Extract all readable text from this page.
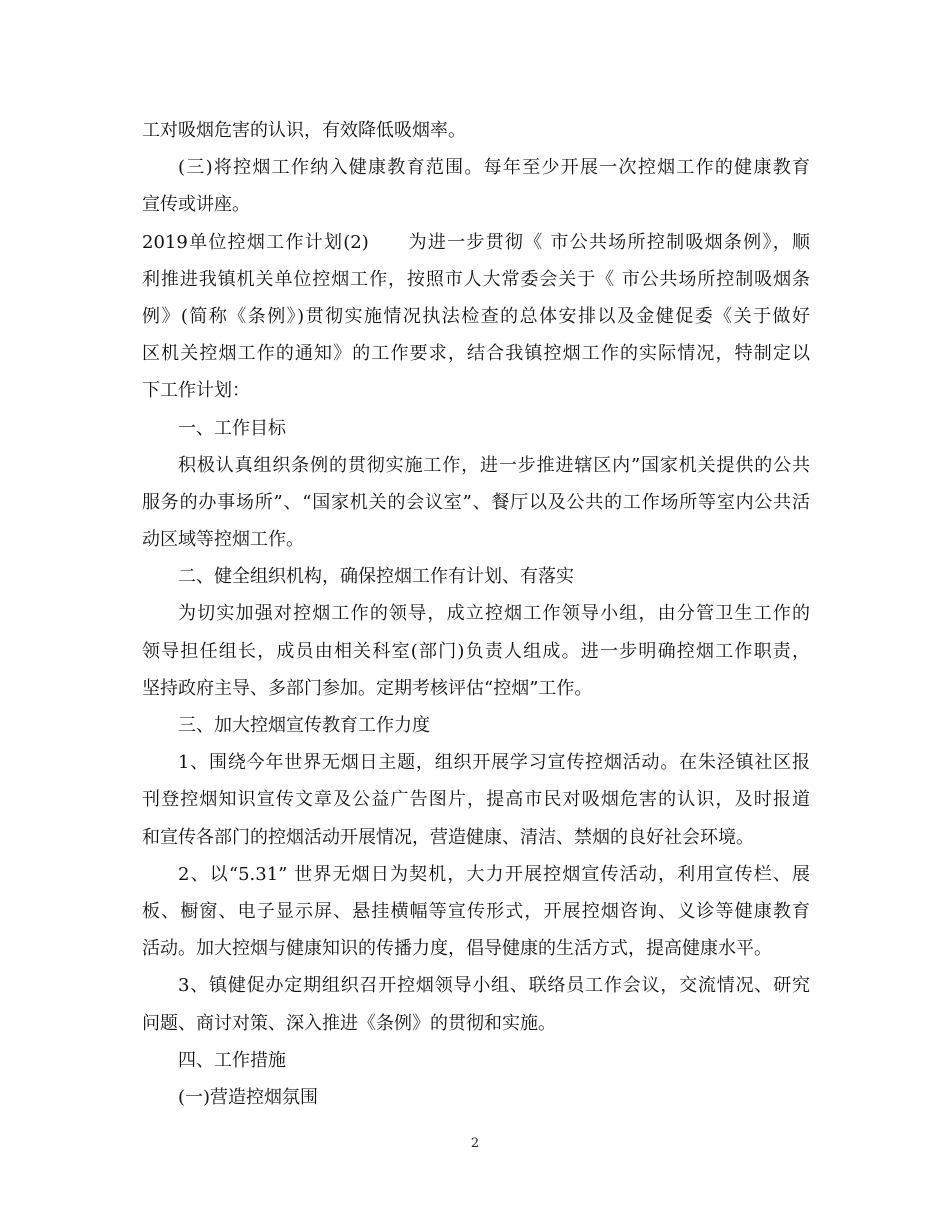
工对吸烟危害的认识，有效降低吸烟率。
(三)将控烟工作纳入健康教育范围。每年至少开展一次控烟工作的健康教育
宣传或讲座。
2019单位控烟工作计划(2)　　为进一步贯彻《 市公共场所控制吸烟条例》，顺
利推进我镇机关单位控烟工作，按照市人大常委会关于《 市公共场所控制吸烟条
例》(简称《条例》)贯彻实施情况执法检查的总体安排以及金健促委《关于做好
区机关控烟工作的通知》的工作要求，结合我镇控烟工作的实际情况，特制定以
下工作计划：
一、工作目标
积极认真组织条例的贯彻实施工作，进一步推进辖区内”国家机关提供的公共
服务的办事场所”、“国家机关的会议室”、餐厅以及公共的工作场所等室内公共活
动区域等控烟工作。
二、健全组织机构，确保控烟工作有计划、有落实
为切实加强对控烟工作的领导，成立控烟工作领导小组，由分管卫生工作的
领导担任组长，成员由相关科室(部门)负责人组成。进一步明确控烟工作职责，
坚持政府主导、多部门参加。定期考核评估“控烟”工作。
三、加大控烟宣传教育工作力度
1、围绕今年世界无烟日主题，组织开展学习宣传控烟活动。在朱泾镇社区报
刊登控烟知识宣传文章及公益广告图片，提高市民对吸烟危害的认识，及时报道
和宣传各部门的控烟活动开展情况，营造健康、清洁、禁烟的良好社会环境。
2、以“5.31” 世界无烟日为契机，大力开展控烟宣传活动，利用宣传栏、展
板、橱窗、电子显示屏、悬挂横幅等宣传形式，开展控烟咨询、义诊等健康教育
活动。加大控烟与健康知识的传播力度，倡导健康的生活方式，提高健康水平。
3、镇健促办定期组织召开控烟领导小组、联络员工作会议，交流情况、研究
问题、商讨对策、深入推进《条例》的贯彻和实施。
四、工作措施
(一)营造控烟氛围
2
